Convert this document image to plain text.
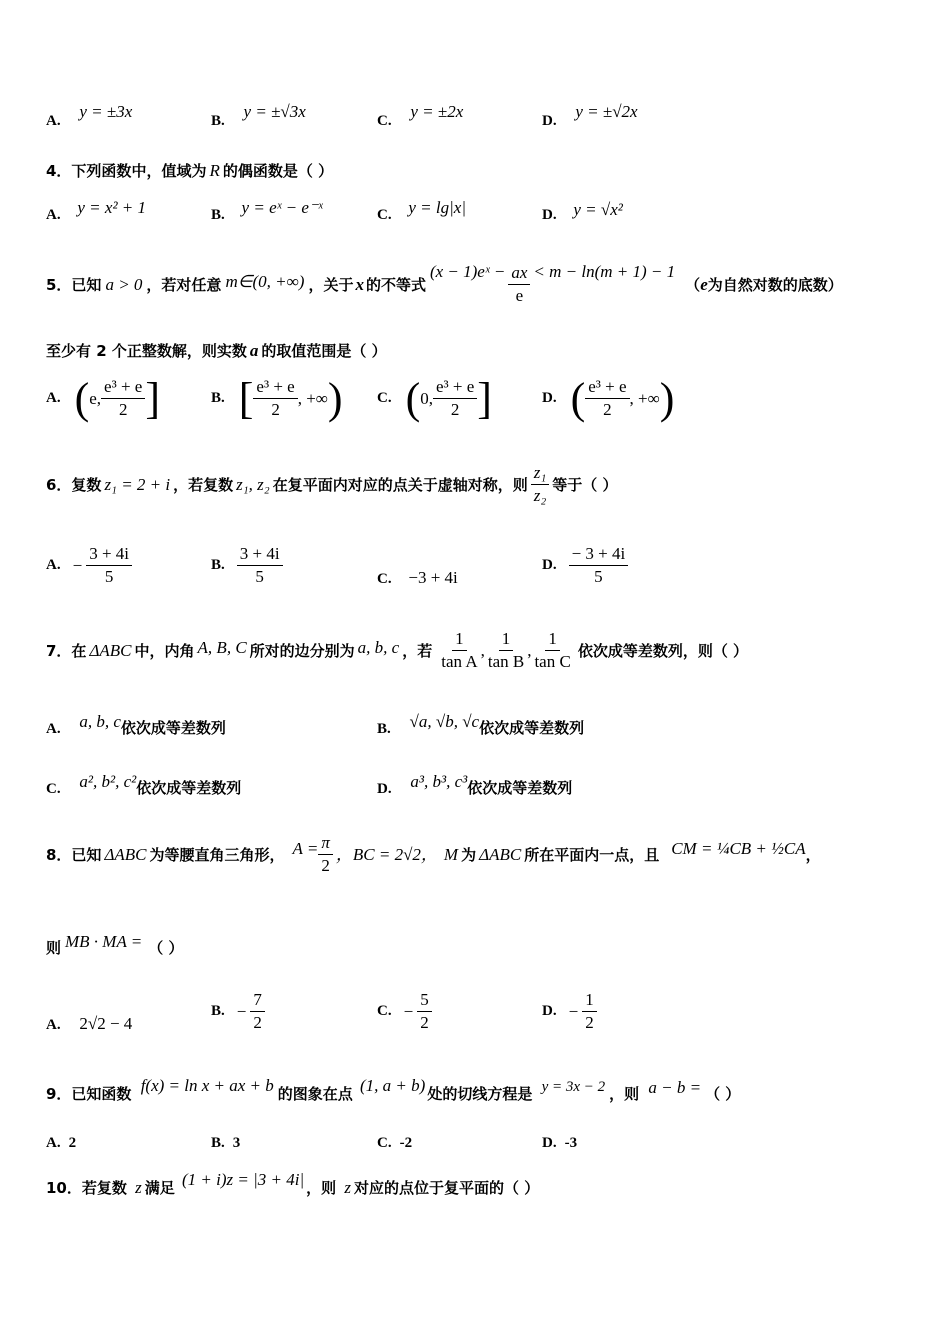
A. y = ±3x	B. y = ±√3x	C. y = ±2x	D. y = ±√2x
4．下列函数中，值域为 R 的偶函数是（ ）
A. y = x² + 1	B. y = eˣ − e⁻ˣ	C. y = lg|x|	D. y = √x²
5．已知 a > 0 ，若对任意 m∈(0, +∞) ，关于 x 的不等式
(x − 1)eˣ − $\frac{ax}{e} < m - \ln(m + 1) - 1$
（ e 为自然对数的底数）
至少有 2 个正整数解，则实数 a 的取值范围是（ ）
A. ( e, $\frac{\text{e³ + e}}{2}$ ]	B. [ $\frac{\text{e³ + e}}{2}$ , +∞ ) C. ( 0, $\frac{\text{e³ + e}}{2}$ ]	D. ( $\frac{\text{e³ + e}}{2}$ , +∞ )
6．复数 z₁ = 2 + i ，若复数 z₁, z₂ 在复平面内对应的点关于虚轴对称，则 $\frac{\text{z₁}}{\text{z₂}}$ 等于（ ）
A. − $\frac{3 + 4i}{5}$	B. $\frac{3 + 4i}{5}$	C. −3 + 4i
D. $\frac{- 3 + 4i}{5}$
7．在 ΔABC 中，内角 A, B, C 所对的边分别为 a, b, c ，若 $\frac{1}{\text{tan A}}$ , $\frac{1}{\text{tan B}}$ , $\frac{1}{\text{tan C}}$ 依次成等差数列，则（ ）
A. a, b, c依次成等差数列	B. √a, √b, √c依次成等差数列
C. a², b², c²依次成等差数列	D. a³, b³, c³依次成等差数列
8．已知 ΔABC 为等腰直角三角形， $A = \frac{\pi}{2}$ ，BC = 2√2， M 为 ΔABC 所在平面内一点，且 CM = ¼CB + ½CA ，
则 MB · MA = （ ）
A. 2√2 − 4
B. − $\frac{7}{2}$	C. − $\frac{5}{2}$	D. − $\frac{1}{2}$
9．已知函数 f(x) = ln x + ax + b 的图象在点 (1, a + b) 处的切线方程是 y = 3x − 2 ，则 a − b = （ ）
A. 2	B. 3	C. -2	D. -3
10．若复数 z 满足 (1 + i)z = |3 + 4i| ，则 z 对应的点位于复平面的（ ）
